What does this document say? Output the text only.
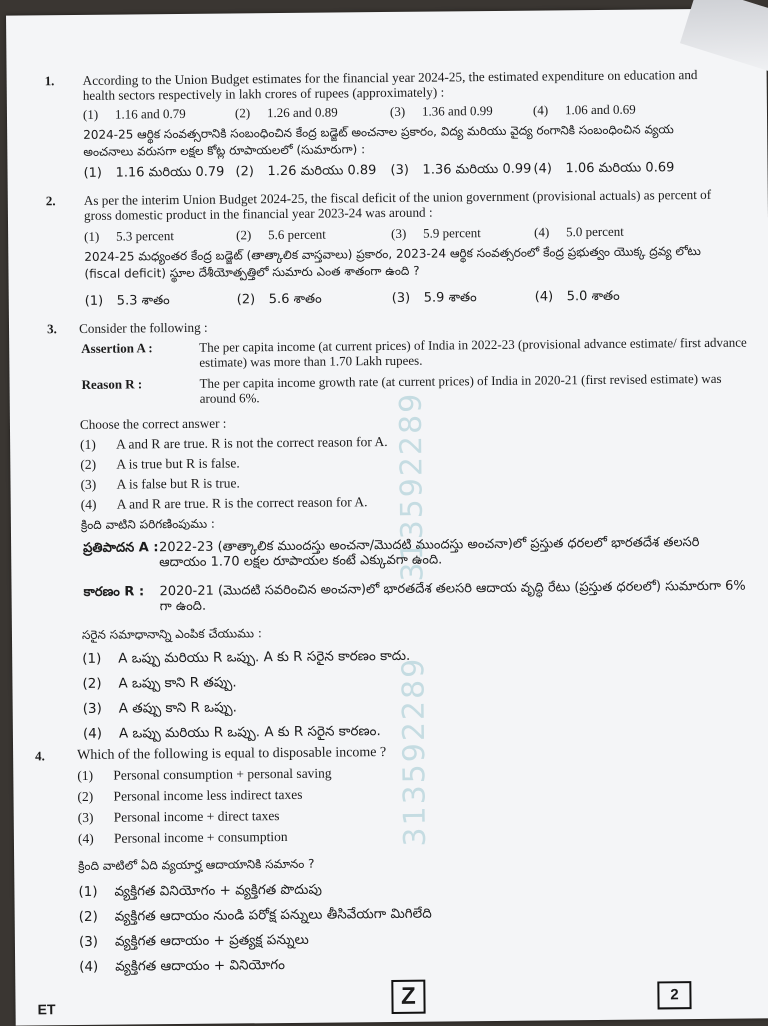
1. According to the Union Budget estimates for the financial year 2024-25, the estimated expenditure on education and health sectors respectively in lakh crores of rupees (approximately) :
(1) 1.16 and 0.79	(2) 1.26 and 0.89	(3) 1.36 and 0.99	(4) 1.06 and 0.69
2024-25 ఆర్థిక సంవత్సరానికి సంబంధించిన కేంద్ర బడ్జెట్ అంచనాల ప్రకారం, విద్య మరియు వైద్య రంగానికి సంబంధించిన వ్యయ అంచనాలు వరుసగా లక్షల కోట్ల రూపాయలలో (సుమారుగా) :
(1) 1.16 మరియు 0.79 (2) 1.26 మరియు 0.89 (3) 1.36 మరియు 0.99 (4) 1.06 మరియు 0.69
2. As per the interim Union Budget 2024-25, the fiscal deficit of the union government (provisional actuals) as percent of gross domestic product in the financial year 2023-24 was around :
(1) 5.3 percent	(2) 5.6 percent	(3) 5.9 percent	(4) 5.0 percent
2024-25 మధ్యంతర కేంద్ర బడ్జెట్ (తాత్కాలిక వాస్తవాలు) ప్రకారం, 2023-24 ఆర్థిక సంవత్సరంలో కేంద్ర ప్రభుత్వం యొక్క ద్రవ్య లోటు (fiscal deficit) స్థూల దేశీయోత్పత్తిలో సుమారు ఎంత శాతంగా ఉంది ?
(1) 5.3 శాతం	(2) 5.6 శాతం	(3) 5.9 శాతం	(4) 5.0 శాతం
3. Consider the following :
Assertion A :	The per capita income (at current prices) of India in 2022-23 (provisional advance estimate/ first advance estimate) was more than 1.70 Lakh rupees.
Reason R :	The per capita income growth rate (at current prices) of India in 2020-21 (first revised estimate) was around 6%.
Choose the correct answer :
(1) A and R are true. R is not the correct reason for A.
(2) A is true but R is false.
(3) A is false but R is true.
(4) A and R are true. R is the correct reason for A.
క్రింది వాటిని పరిగణింపుము :
ప్రతిపాదన A : 2022-23 (తాత్కాలిక ముందస్తు అంచనా/మొదటి ముందస్తు అంచనా)లో ప్రస్తుత ధరలలో భారతదేశ తలసరి ఆదాయం 1.70 లక్షల రూపాయల కంటే ఎక్కువగా ఉంది.
కారణం R :	2020-21 (మొదటి సవరించిన అంచనా)లో భారతదేశ తలసరి ఆదాయ వృద్ధి రేటు (ప్రస్తుత ధరలలో) సుమారుగా 6% గా ఉంది.
సరైన సమాధానాన్ని ఎంపిక చేయుము :
(1) A ఒప్పు మరియు R ఒప్పు. A కు R సరైన కారణం కాదు.
(2) A ఒప్పు కాని R తప్పు.
(3) A తప్పు కాని R ఒప్పు.
(4) A ఒప్పు మరియు R ఒప్పు. A కు R సరైన కారణం.
4. Which of the following is equal to disposable income ?
(1) Personal consumption + personal saving
(2) Personal income less indirect taxes
(3) Personal income + direct taxes
(4) Personal income + consumption
క్రింది వాటిలో ఏది వ్యయార్హ ఆదాయానికి సమానం ?
(1) వ్యక్తిగత వినియోగం + వ్యక్తిగత పొదుపు
(2) వ్యక్తిగత ఆదాయం నుండి పరోక్ష పన్నులు తీసివేయగా మిగిలేది
(3) వ్యక్తిగత ఆదాయం + ప్రత్యక్ష పన్నులు
(4) వ్యక్తిగత ఆదాయం + వినియోగం
313592289
313592289
ET	Z	2
